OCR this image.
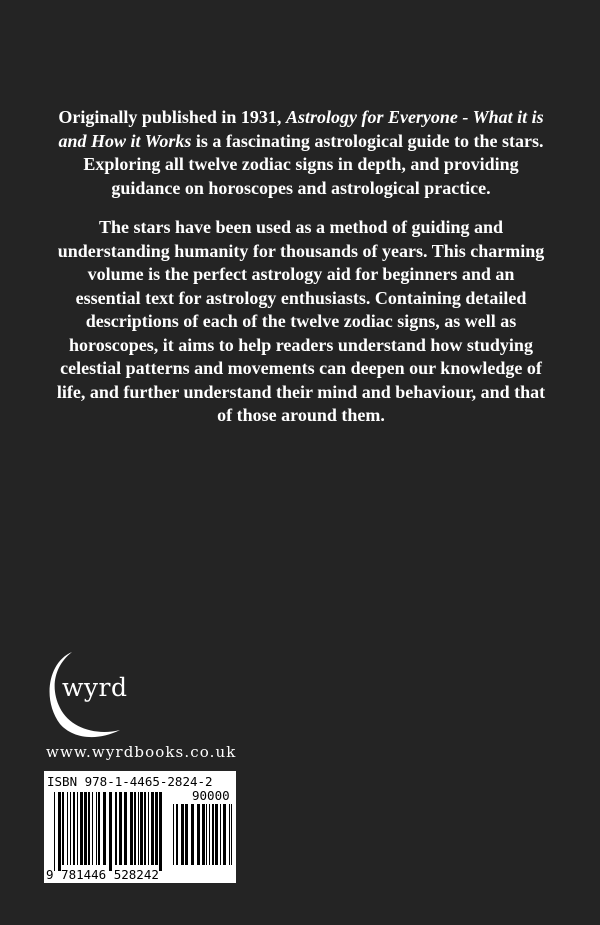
Originally published in 1931, Astrology for Everyone - What it is and How it Works is a fascinating astrological guide to the stars. Exploring all twelve zodiac signs in depth, and providing guidance on horoscopes and astrological practice.

The stars have been used as a method of guiding and understanding humanity for thousands of years. This charming volume is the perfect astrology aid for beginners and an essential text for astrology enthusiasts. Containing detailed descriptions of each of the twelve zodiac signs, as well as horoscopes, it aims to help readers understand how studying celestial patterns and movements can deepen our knowledge of life, and further understand their mind and behaviour, and that of those around them.

wyrd
www.wyrdbooks.co.uk
ISBN 978-1-4465-2824-2
90000
9 781446 528242
